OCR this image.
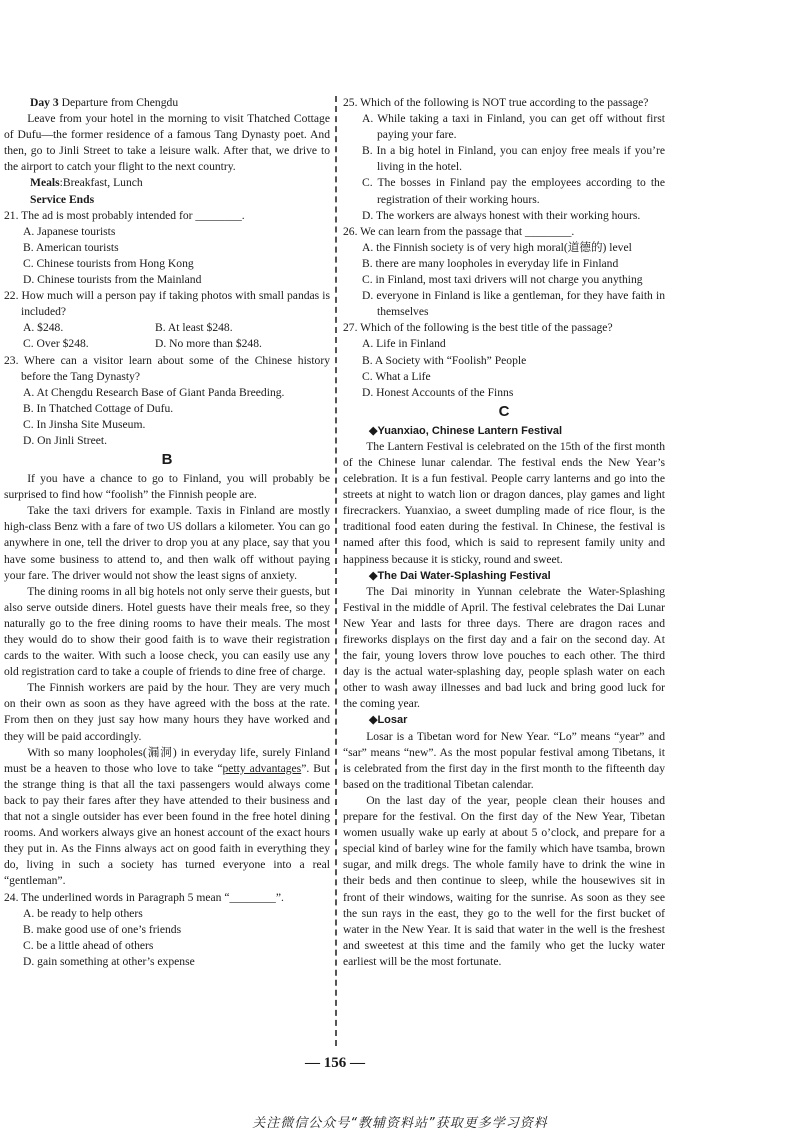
Day 3 Departure from Chengdu

Leave from your hotel in the morning to visit Thatched Cottage of Dufu—the former residence of a famous Tang Dynasty poet. And then, go to Jinli Street to take a leisure walk. After that, we drive to the airport to catch your flight to the next country.

Meals:Breakfast, Lunch

Service Ends

21. The ad is most probably intended for ________.

A. Japanese tourists

B. American tourists

C. Chinese tourists from Hong Kong

D. Chinese tourists from the Mainland

22. How much will a person pay if taking photos with small pandas is included?

A. $248.	B. At least $248.
C. Over $248.	D. No more than $248.

23. Where can a visitor learn about some of the Chinese history before the Tang Dynasty?

A. At Chengdu Research Base of Giant Panda Breeding.

B. In Thatched Cottage of Dufu.

C. In Jinsha Site Museum.

D. On Jinli Street.

B

If you have a chance to go to Finland, you will probably be surprised to find how “foolish” the Finnish people are.

Take the taxi drivers for example. Taxis in Finland are mostly high-class Benz with a fare of two US dollars a kilometer. You can go anywhere in one, tell the driver to drop you at any place, say that you have some business to attend to, and then walk off without paying your fare. The driver would not show the least signs of anxiety.

The dining rooms in all big hotels not only serve their guests, but also serve outside diners. Hotel guests have their meals free, so they naturally go to the free dining rooms to have their meals. The most they would do to show their good faith is to wave their registration cards to the waiter. With such a loose check, you can easily use any old registration card to take a couple of friends to dine free of charge.

The Finnish workers are paid by the hour. They are very much on their own as soon as they have agreed with the boss at the rate. From then on they just say how many hours they have worked and they will be paid accordingly.

With so many loopholes(漏洞) in everyday life, surely Finland must be a heaven to those who love to take “petty advantages”. But the strange thing is that all the taxi passengers would always come back to pay their fares after they have attended to their business and that not a single outsider has ever been found in the free hotel dining rooms. And workers always give an honest account of the exact hours they put in. As the Finns always act on good faith in everything they do, living in such a society has turned everyone into a real “gentleman”.

24. The underlined words in Paragraph 5 mean “________”.

A. be ready to help others

B. make good use of one’s friends

C. be a little ahead of others

D. gain something at other’s expense

25. Which of the following is NOT true according to the passage?

A. While taking a taxi in Finland, you can get off without first paying your fare.

B. In a big hotel in Finland, you can enjoy free meals if you’re living in the hotel.

C. The bosses in Finland pay the employees according to the registration of their working hours.

D. The workers are always honest with their working hours.

26. We can learn from the passage that ________.

A. the Finnish society is of very high moral(道德的) level

B. there are many loopholes in everyday life in Finland

C. in Finland, most taxi drivers will not charge you anything

D. everyone in Finland is like a gentleman, for they have faith in themselves

27. Which of the following is the best title of the passage?

A. Life in Finland

B. A Society with “Foolish” People

C. What a Life

D. Honest Accounts of the Finns

C

◆Yuanxiao, Chinese Lantern Festival

The Lantern Festival is celebrated on the 15th of the first month of the Chinese lunar calendar. The festival ends the New Year’s celebration. It is a fun festival. People carry lanterns and go into the streets at night to watch lion or dragon dances, play games and light firecrackers. Yuanxiao, a sweet dumpling made of rice flour, is the traditional food eaten during the festival. In Chinese, the festival is named after this food, which is said to represent family unity and happiness because it is sticky, round and sweet.

◆The Dai Water-Splashing Festival

The Dai minority in Yunnan celebrate the Water-Splashing Festival in the middle of April. The festival celebrates the Dai Lunar New Year and lasts for three days. There are dragon races and fireworks displays on the first day and a fair on the second day. At the fair, young lovers throw love pouches to each other. The third day is the actual water-splashing day, people splash water on each other to wash away illnesses and bad luck and bring good luck for the coming year.

◆Losar

Losar is a Tibetan word for New Year. “Lo” means “year” and “sar” means “new”. As the most popular festival among Tibetans, it is celebrated from the first day in the first month to the fifteenth day based on the traditional Tibetan calendar.

On the last day of the year, people clean their houses and prepare for the festival. On the first day of the New Year, Tibetan women usually wake up early at about 5 o’clock, and prepare for a special kind of barley wine for the family which have tsamba, brown sugar, and milk dregs. The whole family have to drink the wine in their beds and then continue to sleep, while the housewives sit in front of their windows, waiting for the sunrise. As soon as they see the sun rays in the east, they go to the well for the first bucket of water in the New Year. It is said that water in the well is the freshest and sweetest at this time and the family who get the lucky water earliest will be the most fortunate.

— 156 —
关注微信公众号“教辅资料站”获取更多学习资料
